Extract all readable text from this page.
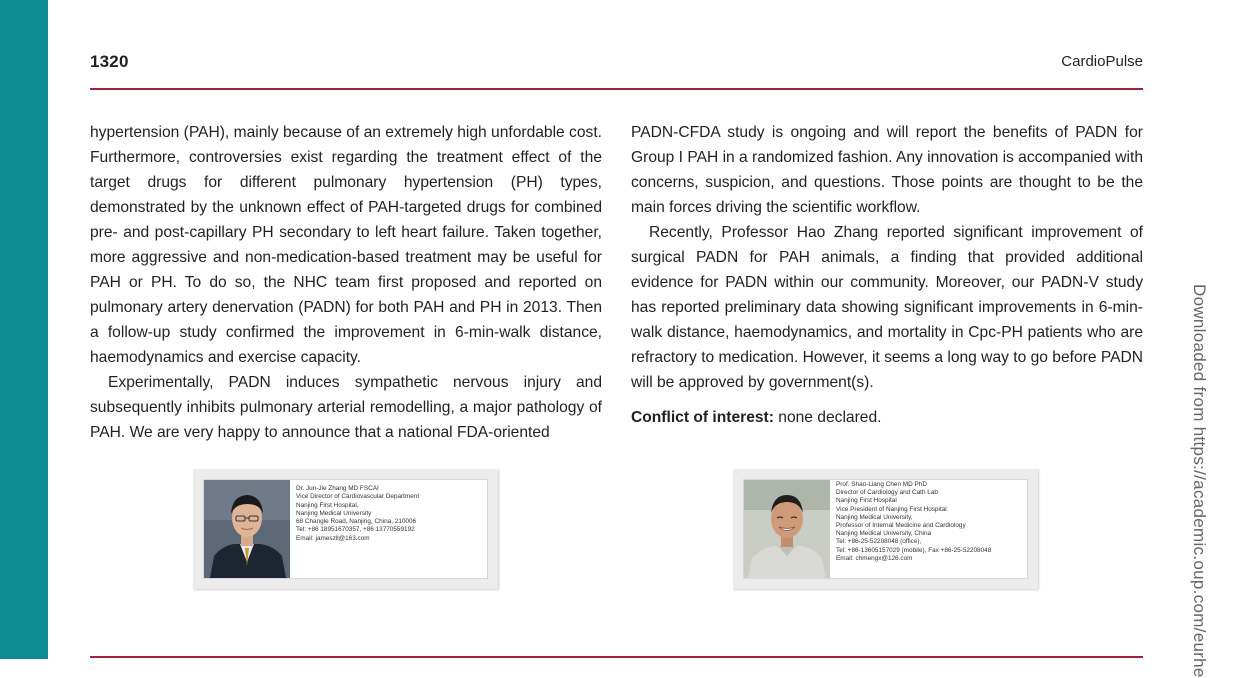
1320	CardioPulse

hypertension (PAH), mainly because of an extremely high unfordable cost. Furthermore, controversies exist regarding the treatment effect of the target drugs for different pulmonary hypertension (PH) types, demonstrated by the unknown effect of PAH-targeted drugs for combined pre- and post-capillary PH secondary to left heart failure. Taken together, more aggressive and non-medication-based treatment may be useful for PAH or PH. To do so, the NHC team first proposed and reported on pulmonary artery denervation (PADN) for both PAH and PH in 2013. Then a follow-up study confirmed the improvement in 6-min-walk distance, haemodynamics and exercise capacity.

Experimentally, PADN induces sympathetic nervous injury and subsequently inhibits pulmonary arterial remodelling, a major pathology of PAH. We are very happy to announce that a national FDA-oriented

PADN-CFDA study is ongoing and will report the benefits of PADN for Group I PAH in a randomized fashion. Any innovation is accompanied with concerns, suspicion, and questions. Those points are thought to be the main forces driving the scientific workflow.

Recently, Professor Hao Zhang reported significant improvement of surgical PADN for PAH animals, a finding that provided additional evidence for PADN within our community. Moreover, our PADN-V study has reported preliminary data showing significant improvements in 6-min-walk distance, haemodynamics, and mortality in Cpc-PH patients who are refractory to medication. However, it seems a long way to go before PADN will be approved by government(s).

Conflict of interest: none declared.

Dr. Jun-Jie Zhang MD FSCAI
Vice Director of Cardiovascular Department
Nanjing First Hospital,
Nanjing Medical University
68 Changle Road, Nanjing, China, 210006
Tel: +86 18951670357, +86 13770559192
Email: jameszll@163.com
Prof. Shao-Liang Chen MD PhD
Director of Cardiology and Cath Lab
Nanjing First Hospital
Vice President of Nanjing First Hospital
Nanjing Medical University,
Professor of Internal Medicine and Cardiology
Nanjing Medical University, China
Tel: +86-25-52208048 (office),
Tel: +86-13605157029 (mobile), Fax +86-25-52208048
Email: chmengx@126.com	Downloaded from https://academic.oup.com/eurhe
